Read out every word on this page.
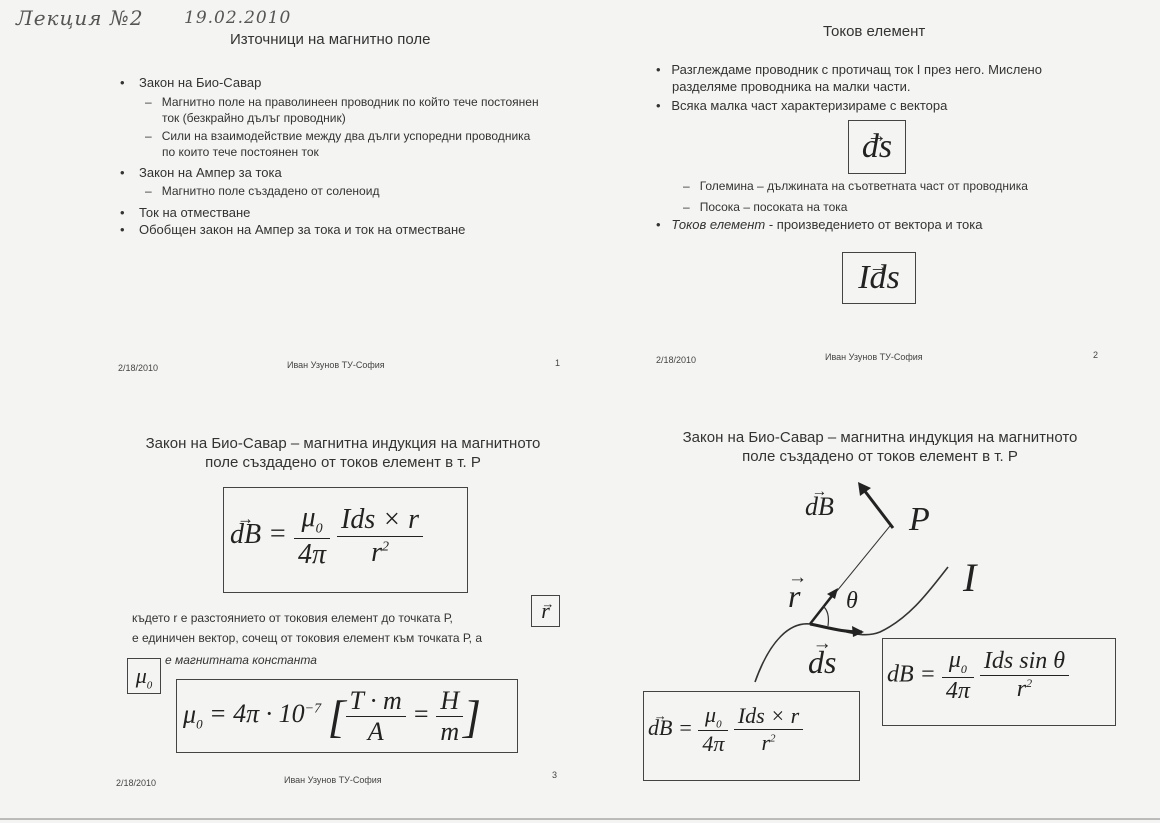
Лекция №2 19.02.2010
Източници на магнитно поле
•    Закон на Био-Савар
–   Магнитно поле на праволинеен проводник по който тече постоянен
ток (безкрайно дълъг проводник)
–   Сили на взаимодействие между два дълги успоредни проводника
по които тече постоянен ток
•    Закон на Ампер за тока
–   Магнитно поле създадено от соленоид
•    Ток на отместване
•    Обобщен закон на Ампер за тока и ток на отместване
2/18/2010	Иван Узунов ТУ-София	1
Токов елемент
•   Разглеждаме проводник с протичащ ток I през него. Мислено
разделяме проводника на малки части.
•   Всяка малка част характеризираме с вектора
ds →
–   Големина – дължината на съответната част от проводника
–   Посока – посоката на тока
•   Токов елемент - произведението от вектора и тока
Ids →
2/18/2010	Иван Узунов ТУ-София	2
Закон на Био-Савар – магнитна индукция на магнитното
поле създадено от токов елемент в т. Р
dB → = $\frac{\mu_0}{4\pi}$
$\frac{\text{Ids × r}}{r^2}$
където r е разстоянието от токовия елемент до точката Р,	r →
е единичен вектор, сочещ от токовия елемент към точката Р, а
$\mu_0$
е магнитната константа
$\mu_0 = 4\pi \cdot 10^{-7}$ [ $\frac{T \cdot m}{A} = \frac{H}{m}$ ]
2/18/2010	Иван Узунов ТУ-София	3
Закон на Био-Савар – магнитна индукция на магнитното
поле създадено от токов елемент в т. Р
dB → P
I
r → θ
ds → dB = $\frac{\mu_0}{4\pi}$
$\frac{\text{Ids sin θ}}{r^2}$
dB → = $\frac{\mu_0}{4\pi}$
$\frac{\text{Ids × r}}{r^2}$
